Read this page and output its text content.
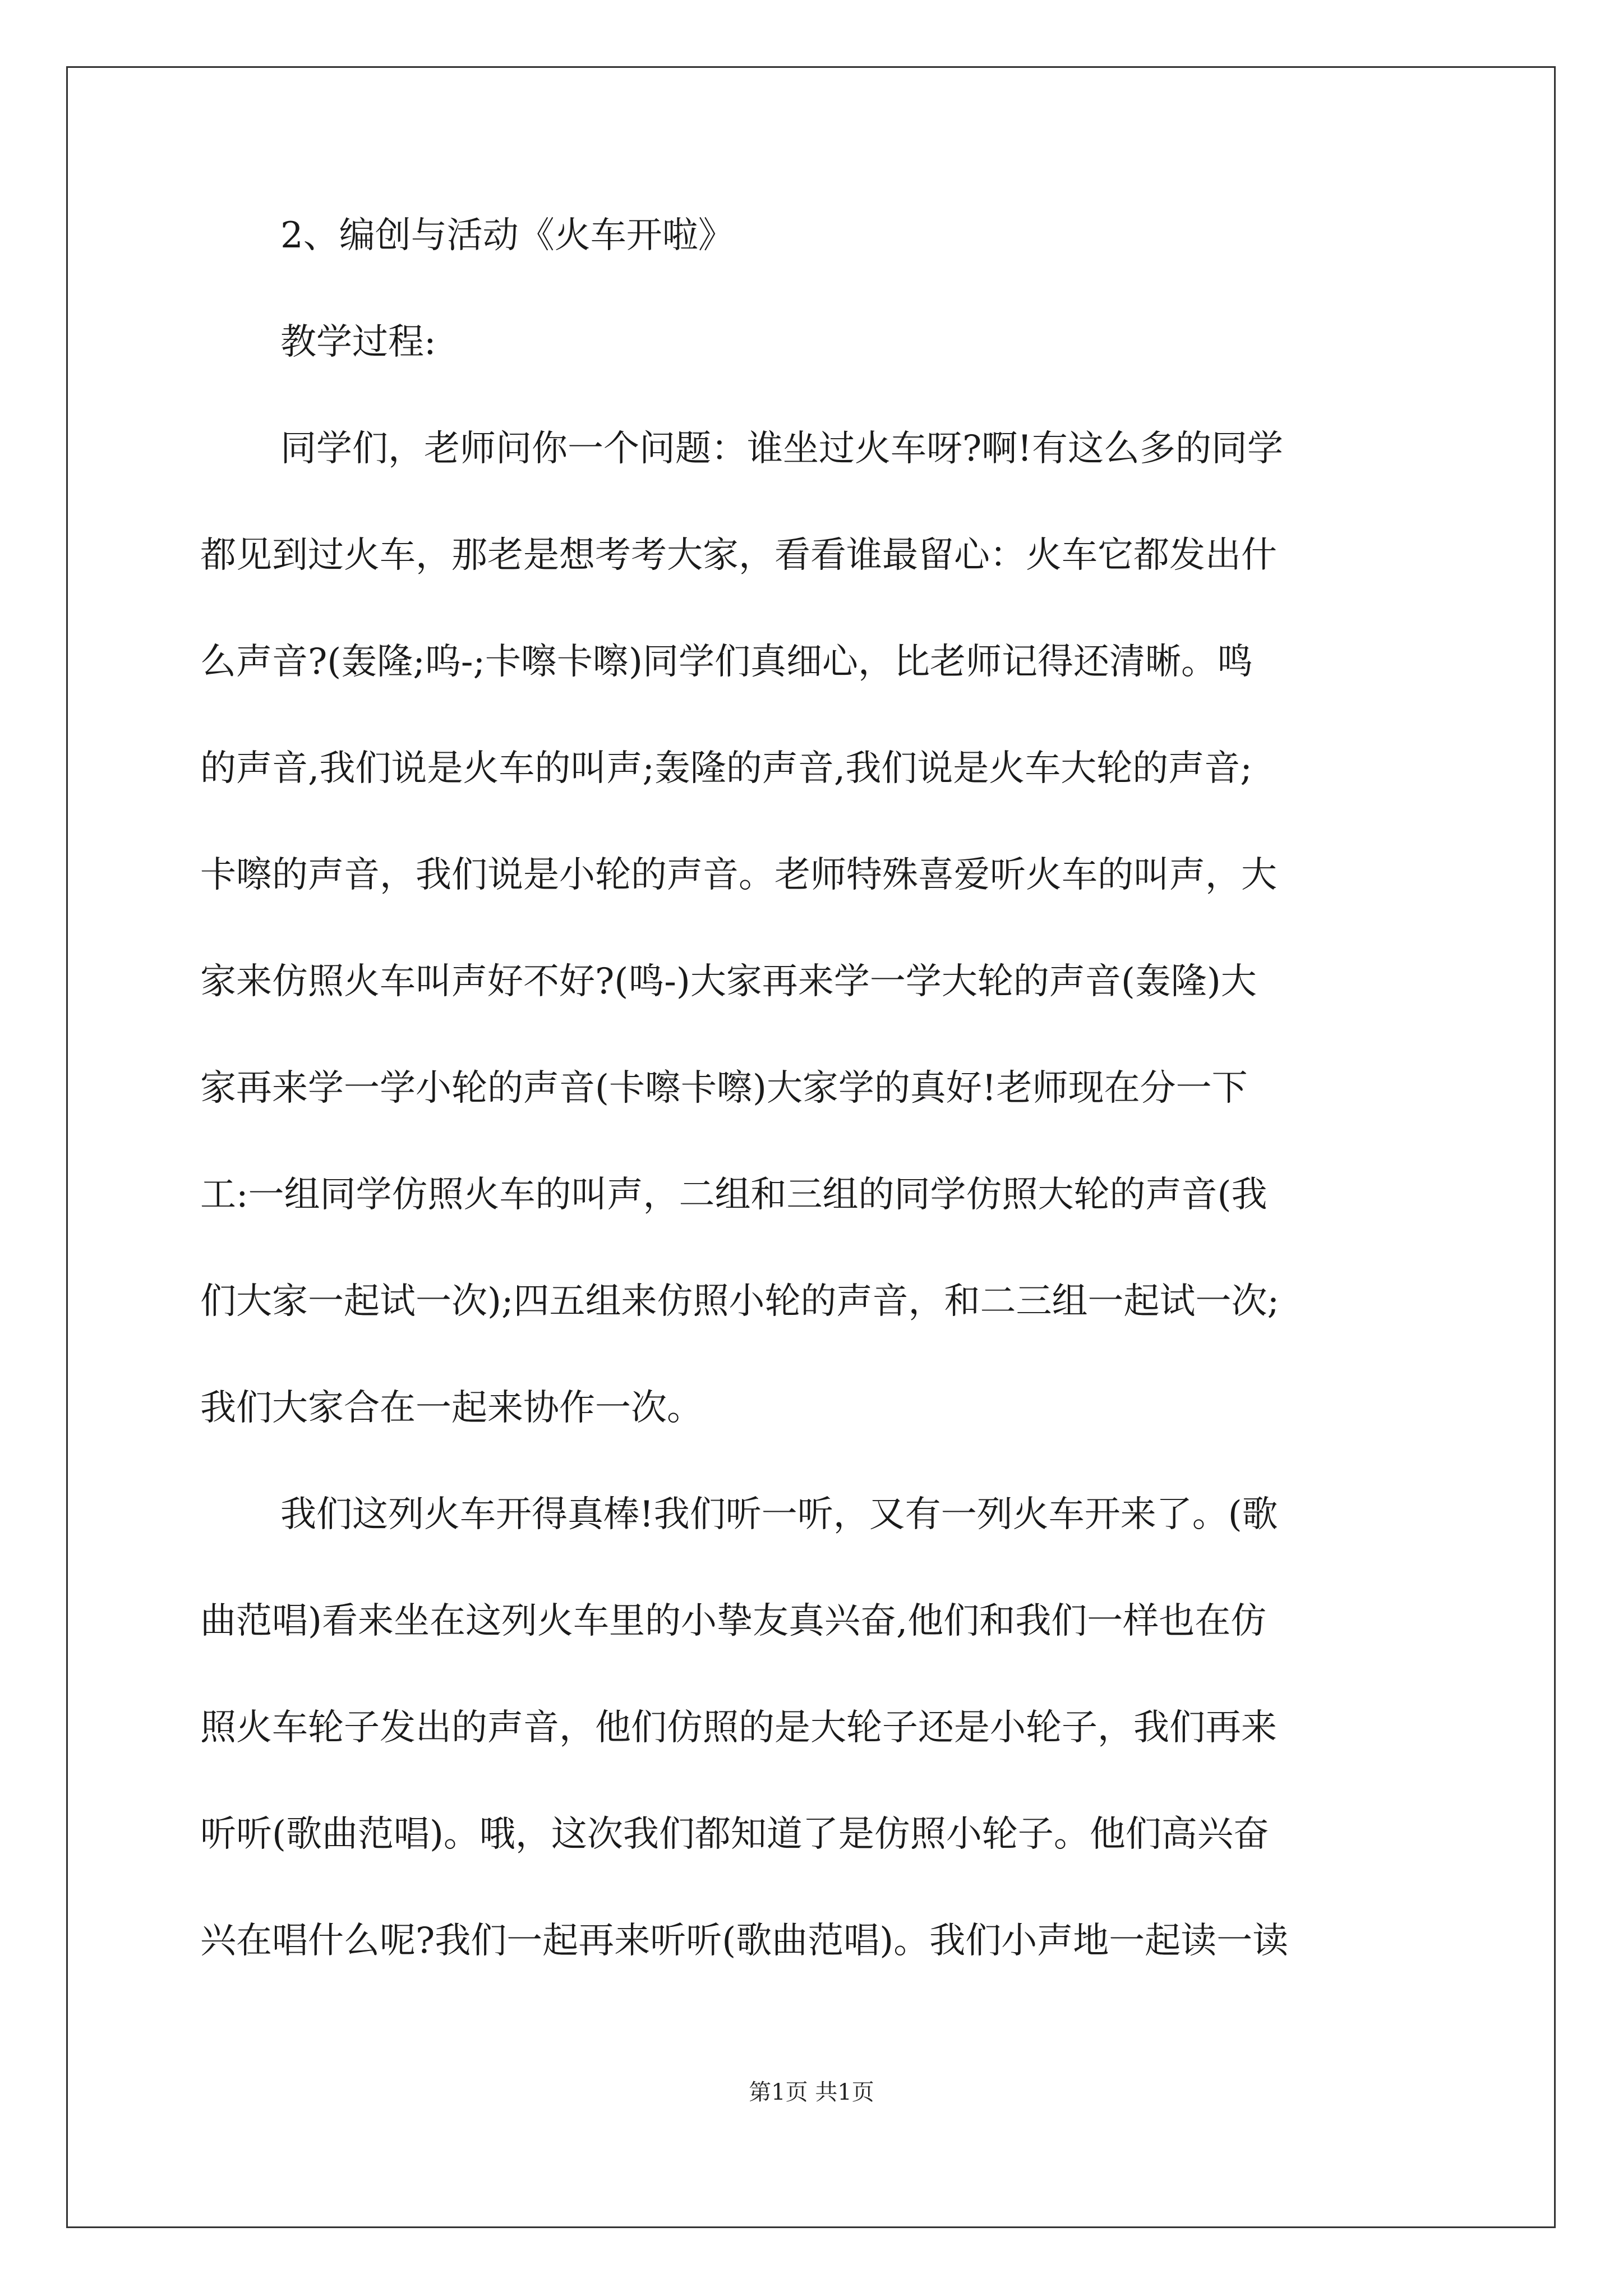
2、编创与活动《火车开啦》
教学过程:
同学们，老师问你一个问题：谁坐过火车呀?啊!有这么多的同学
都见到过火车，那老是想考考大家，看看谁最留心：火车它都发出什
么声音?(轰隆;呜-;卡嚓卡嚓)同学们真细心，比老师记得还清晰。鸣
的声音,我们说是火车的叫声;轰隆的声音,我们说是火车大轮的声音;
卡嚓的声音，我们说是小轮的声音。老师特殊喜爱听火车的叫声，大
家来仿照火车叫声好不好?(鸣-)大家再来学一学大轮的声音(轰隆)大
家再来学一学小轮的声音(卡嚓卡嚓)大家学的真好!老师现在分一下
工:一组同学仿照火车的叫声，二组和三组的同学仿照大轮的声音(我
们大家一起试一次);四五组来仿照小轮的声音，和二三组一起试一次;
我们大家合在一起来协作一次。
我们这列火车开得真棒!我们听一听，又有一列火车开来了。(歌
曲范唱)看来坐在这列火车里的小挚友真兴奋,他们和我们一样也在仿
照火车轮子发出的声音，他们仿照的是大轮子还是小轮子，我们再来
听听(歌曲范唱)。哦，这次我们都知道了是仿照小轮子。他们高兴奋
兴在唱什么呢?我们一起再来听听(歌曲范唱)。我们小声地一起读一读
第1页 共1页
